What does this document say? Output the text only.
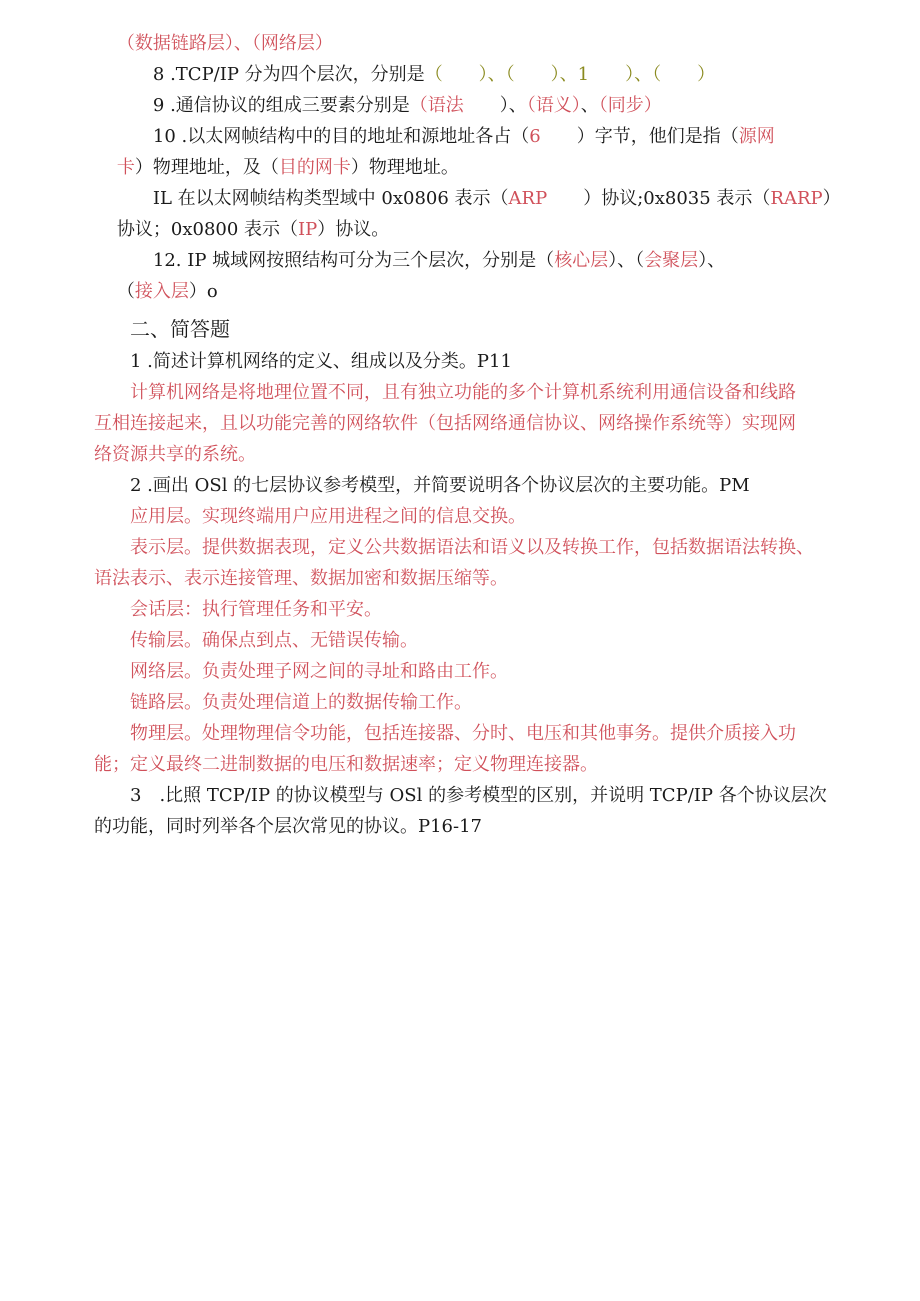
（数据链路层）、（网络层）

8 .TCP/IP 分为四个层次，分别是（　　）、（　　）、1　　）、（　　）

9 .通信协议的组成三要素分别是（语法　　）、（语义）、（同步）

10 .以太网帧结构中的目的地址和源地址各占（6　　）字节，他们是指（源网

卡）物理地址，及（目的网卡）物理地址。

IL 在以太网帧结构类型域中 0x0806 表示（ARP　　）协议;0x8035 表示（RARP）

协议；0x0800 表示（IP）协议。

12. IP 城域网按照结构可分为三个层次，分别是（核心层）、（会聚层）、

（接入层）o

二、简答题
1 .简述计算机网络的定义、组成以及分类。P11
计算机网络是将地理位置不同，且有独立功能的多个计算机系统利用通信设备和线路
互相连接起来，且以功能完善的网络软件（包括网络通信协议、网络操作系统等）实现网
络资源共享的系统。
2 .画出 OSl 的七层协议参考模型，并简要说明各个协议层次的主要功能。PM
应用层。实现终端用户应用进程之间的信息交换。
表示层。提供数据表现，定义公共数据语法和语义以及转换工作，包括数据语法转换、
语法表示、表示连接管理、数据加密和数据压缩等。
会话层：执行管理任务和平安。
传输层。确保点到点、无错误传输。
网络层。负责处理子网之间的寻址和路由工作。
链路层。负责处理信道上的数据传输工作。
物理层。处理物理信令功能，包括连接器、分时、电压和其他事务。提供介质接入功
能；定义最终二进制数据的电压和数据速率；定义物理连接器。
3　.比照 TCP/IP 的协议模型与 OSl 的参考模型的区别，并说明 TCP/IP 各个协议层次
的功能，同时列举各个层次常见的协议。P16-17
